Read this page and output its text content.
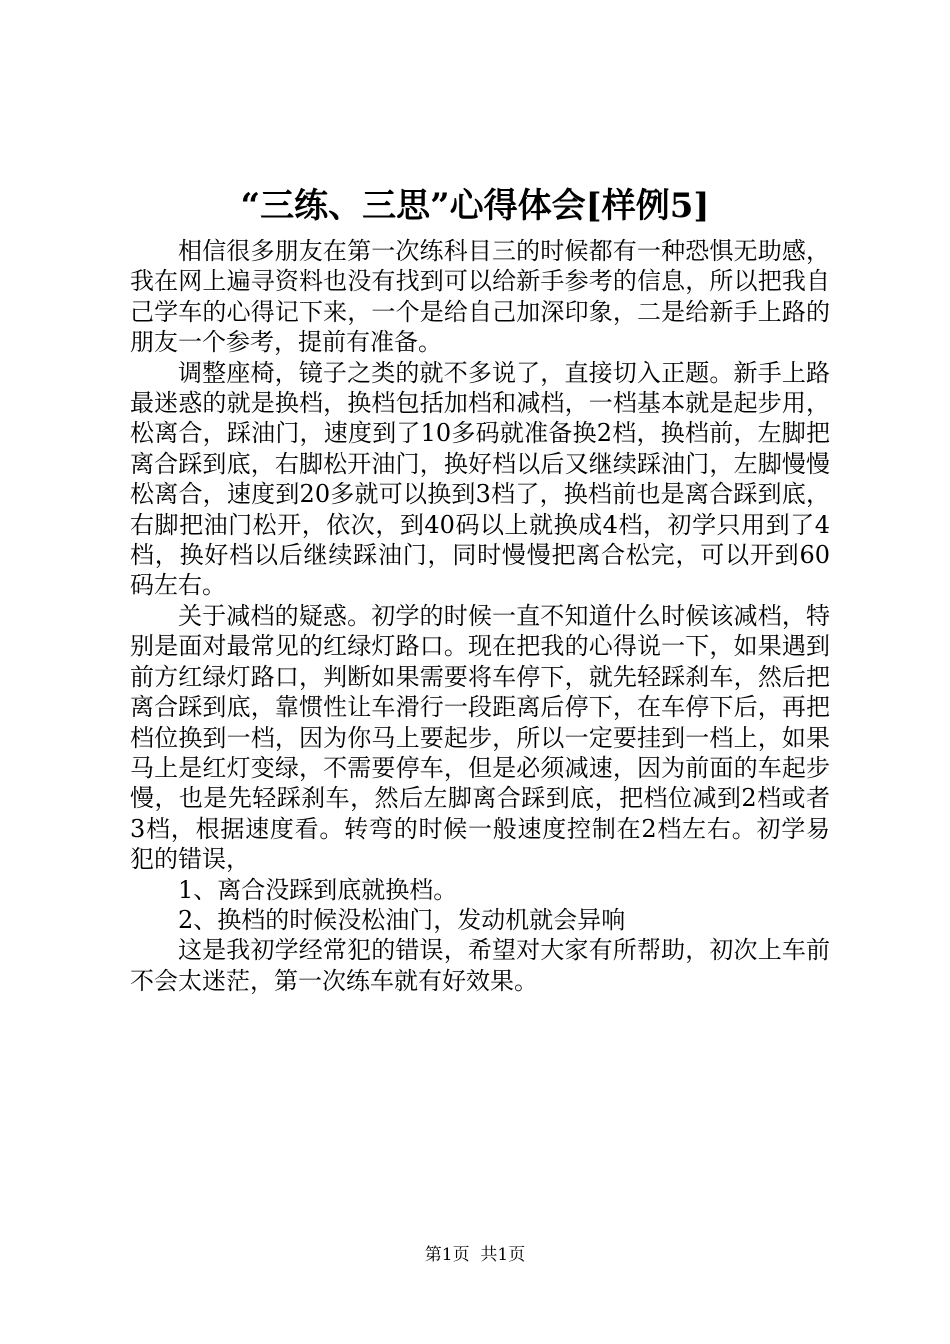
“三练、三思”心得体会[样例5]

相信很多朋友在第一次练科目三的时候都有一种恐惧无助感，我在网上遍寻资料也没有找到可以给新手参考的信息，所以把我自己学车的心得记下来，一个是给自己加深印象，二是给新手上路的朋友一个参考，提前有准备。

调整座椅，镜子之类的就不多说了，直接切入正题。新手上路最迷惑的就是换档，换档包括加档和减档，一档基本就是起步用，松离合，踩油门，速度到了10多码就准备换2档，换档前，左脚把离合踩到底，右脚松开油门，换好档以后又继续踩油门，左脚慢慢松离合，速度到20多就可以换到3档了，换档前也是离合踩到底，右脚把油门松开，依次，到40码以上就换成4档，初学只用到了4档，换好档以后继续踩油门，同时慢慢把离合松完，可以开到60码左右。

关于减档的疑惑。初学的时候一直不知道什么时候该减档，特别是面对最常见的红绿灯路口。现在把我的心得说一下，如果遇到前方红绿灯路口，判断如果需要将车停下，就先轻踩刹车，然后把离合踩到底，靠惯性让车滑行一段距离后停下，在车停下后，再把档位换到一档，因为你马上要起步，所以一定要挂到一档上，如果马上是红灯变绿，不需要停车，但是必须减速，因为前面的车起步慢，也是先轻踩刹车，然后左脚离合踩到底，把档位减到2档或者3档，根据速度看。转弯的时候一般速度控制在2档左右。初学易犯的错误，

1、离合没踩到底就换档。

2、换档的时候没松油门，发动机就会异响

这是我初学经常犯的错误，希望对大家有所帮助，初次上车前不会太迷茫，第一次练车就有好效果。

第1页 共1页
